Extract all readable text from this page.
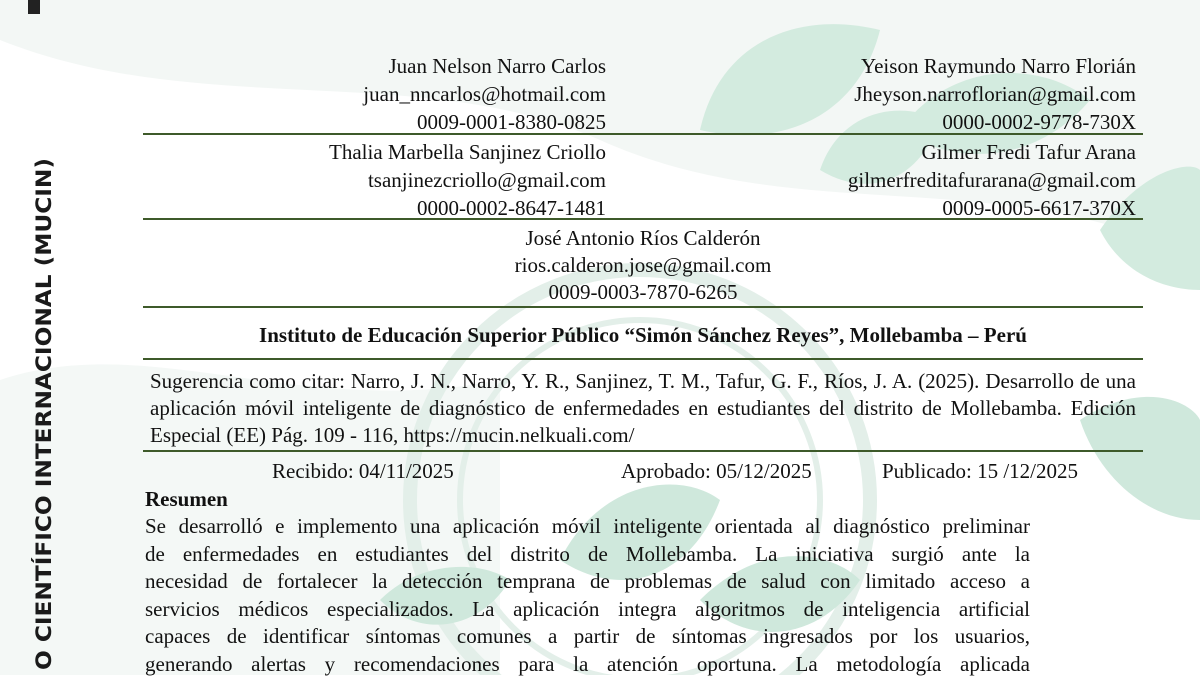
O CIENTÍFICO INTERNACIONAL (MUCIN)
Juan Nelson Narro Carlos
juan_nncarlos@hotmail.com
0009-0001-8380-0825
Yeison Raymundo Narro Florián
Jheyson.narroflorian@gmail.com
0000-0002-9778-730X
Thalia Marbella Sanjinez Criollo
tsanjinezcriollo@gmail.com
0000-0002-8647-1481
Gilmer Fredi Tafur Arana
gilmerfreditafurarana@gmail.com
0009-0005-6617-370X
José Antonio Ríos Calderón
rios.calderon.jose@gmail.com
0009-0003-7870-6265
Instituto de Educación Superior Público “Simón Sánchez Reyes”, Mollebamba – Perú
Sugerencia como citar: Narro, J. N., Narro, Y. R., Sanjinez, T. M., Tafur, G. F., Ríos, J. A. (2025). Desarrollo de una aplicación móvil inteligente de diagnóstico de enfermedades en estudiantes del distrito de Mollebamba. Edición Especial (EE) Pág. 109 - 116, https://mucin.nelkuali.com/
Recibido: 04/11/2025	Aprobado: 05/12/2025	Publicado: 15 /12/2025
Resumen
Se desarrolló e implemento una aplicación móvil inteligente orientada al diagnóstico preliminar
de enfermedades en estudiantes del distrito de Mollebamba. La iniciativa surgió ante la
necesidad de fortalecer la detección temprana de problemas de salud con limitado acceso a
servicios médicos especializados. La aplicación integra algoritmos de inteligencia artificial
capaces de identificar síntomas comunes a partir de síntomas ingresados por los usuarios,
generando alertas y recomendaciones para la atención oportuna. La metodología aplicada
